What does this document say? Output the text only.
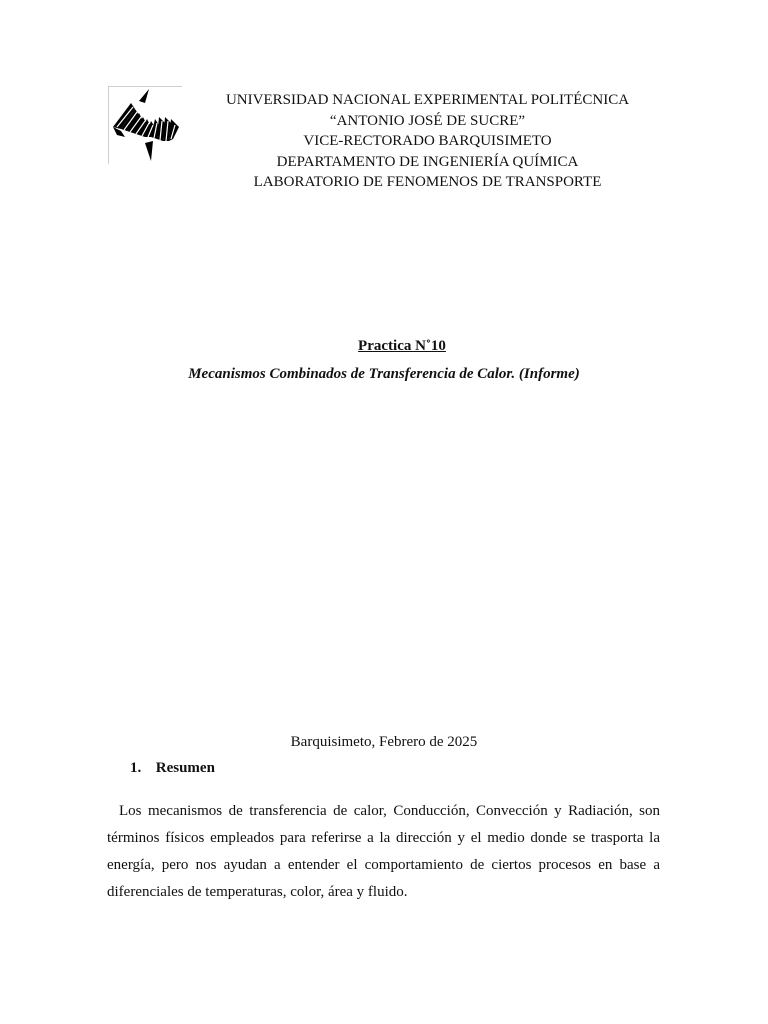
UNIVERSIDAD NACIONAL EXPERIMENTAL POLITÉCNICA
“ANTONIO JOSÉ DE SUCRE”
VICE-RECTORADO BARQUISIMETO
DEPARTAMENTO DE INGENIERÍA QUÍMICA
LABORATORIO DE FENOMENOS DE TRANSPORTE
Practica N˚10
Mecanismos Combinados de Transferencia de Calor. (Informe)
Barquisimeto, Febrero de 2025
1. Resumen

Los mecanismos de transferencia de calor, Conducción, Convección y Radiación, son términos físicos empleados para referirse a la dirección y el medio donde se trasporta la energía, pero nos ayudan a entender el comportamiento de ciertos procesos en base a diferenciales de temperaturas, color, área y fluido.
